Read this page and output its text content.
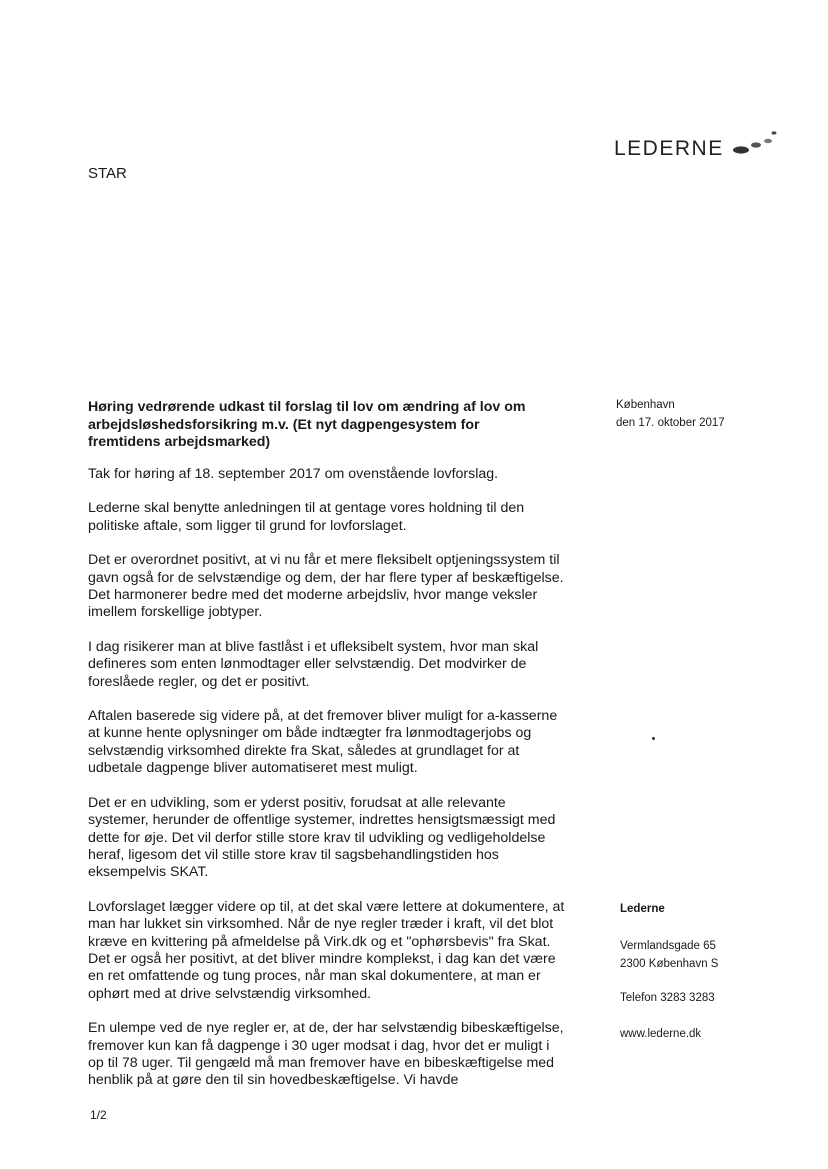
LEDERNE
STAR
København
den 17. oktober 2017
Høring vedrørende udkast til forslag til lov om ændring af lov om arbejdsløshedsforsikring m.v. (Et nyt dagpengesystem for fremtidens arbejdsmarked)

Tak for høring af 18. september 2017 om ovenstående lovforslag.

Lederne skal benytte anledningen til at gentage vores holdning til den politiske aftale, som ligger til grund for lovforslaget.

Det er overordnet positivt, at vi nu får et mere fleksibelt optjeningssystem til gavn også for de selvstændige og dem, der har flere typer af beskæftigelse. Det harmonerer bedre med det moderne arbejdsliv, hvor mange veksler imellem forskellige jobtyper.

I dag risikerer man at blive fastlåst i et ufleksibelt system, hvor man skal defineres som enten lønmodtager eller selvstændig. Det modvirker de foreslåede regler, og det er positivt.

Aftalen baserede sig videre på, at det fremover bliver muligt for a-kasserne at kunne hente oplysninger om både indtægter fra lønmodtagerjobs og selvstændig virksomhed direkte fra Skat, således at grundlaget for at udbetale dagpenge bliver automatiseret mest muligt.

Det er en udvikling, som er yderst positiv, forudsat at alle relevante systemer, herunder de offentlige systemer, indrettes hensigtsmæssigt med dette for øje. Det vil derfor stille store krav til udvikling og vedligeholdelse heraf, ligesom det vil stille store krav til sagsbehandlingstiden hos eksempelvis SKAT.

Lovforslaget lægger videre op til, at det skal være lettere at dokumentere, at man har lukket sin virksomhed. Når de nye regler træder i kraft, vil det blot kræve en kvittering på afmeldelse på Virk.dk og et "ophørsbevis" fra Skat. Det er også her positivt, at det bliver mindre komplekst, i dag kan det være en ret omfattende og tung proces, når man skal dokumentere, at man er ophørt med at drive selvstændig virksomhed.

En ulempe ved de nye regler er, at de, der har selvstændig bibeskæftigelse, fremover kun kan få dagpenge i 30 uger modsat i dag, hvor det er muligt i op til 78 uger. Til gengæld må man fremover have en bibeskæftigelse med henblik på at gøre den til sin hovedbeskæftigelse. Vi havde

Lederne
Vermlandsgade 65
2300 København S
Telefon 3283 3283
www.lederne.dk
1/2
